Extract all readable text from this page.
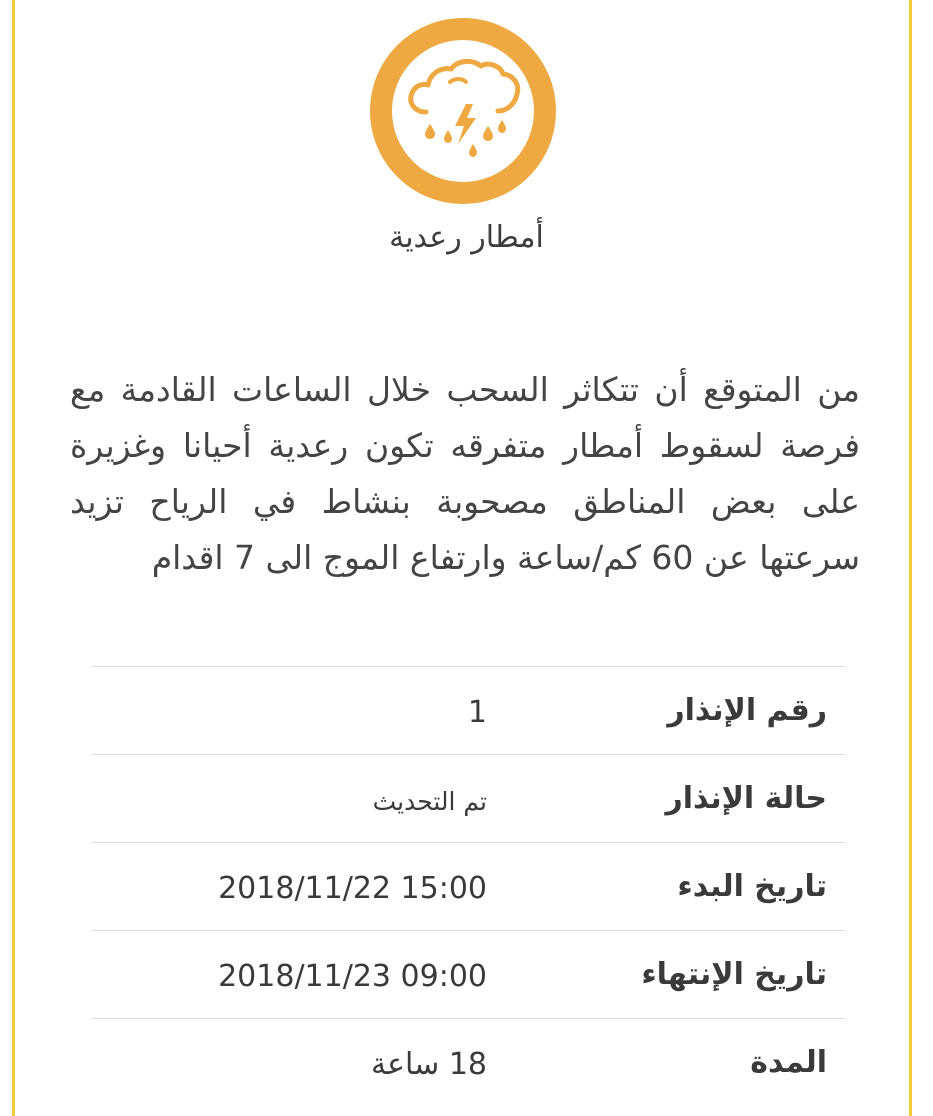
أمطار رعدية
من المتوقع أن تتكاثر السحب خلال الساعات القادمة مع فرصة لسقوط أمطار متفرقه تكون رعدية أحيانا وغزيرة على بعض المناطق مصحوبة بنشاط في الرياح تزيد سرعتها عن 60 كم/ساعة وارتفاع الموج الى 7 اقدام
رقم الإنذار
1
حالة الإنذار
تم التحديث
تاريخ البدء
2018/11/22 15:00
تاريخ الإنتهاء
2018/11/23 09:00
المدة
18 ساعة
